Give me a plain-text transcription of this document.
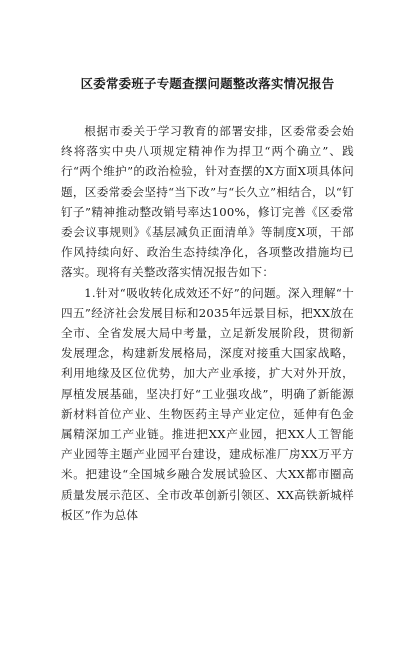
区委常委班子专题查摆问题整改落实情况报告

根据市委关于学习教育的部署安排，区委常委会始终将落实中央八项规定精神作为捍卫“两个确立”、践行“两个维护”的政治检验，针对查摆的X方面X项具体问题，区委常委会坚持“当下改”与“长久立”相结合，以“钉钉子”精神推动整改销号率达100%，修订完善《区委常委会议事规则》《基层减负正面清单》等制度X项，干部作风持续向好、政治生态持续净化，各项整改措施均已落实。现将有关整改落实情况报告如下：

1.针对“吸收转化成效还不好”的问题。深入理解“十四五”经济社会发展目标和2035年远景目标，把XX放在全市、全省发展大局中考量，立足新发展阶段，贯彻新发展理念，构建新发展格局，深度对接重大国家战略，利用地缘及区位优势，加大产业承接，扩大对外开放，厚植发展基础，坚决打好“工业强攻战”，明确了新能源新材料首位产业、生物医药主导产业定位，延伸有色金属精深加工产业链。推进把XX产业园，把XX人工智能产业园等主题产业园平台建设，建成标准厂房XX万平方米。把建设“全国城乡融合发展试验区、大XX都市圈高质量发展示范区、全市改革创新引领区、XX高铁新城样板区”作为总体
